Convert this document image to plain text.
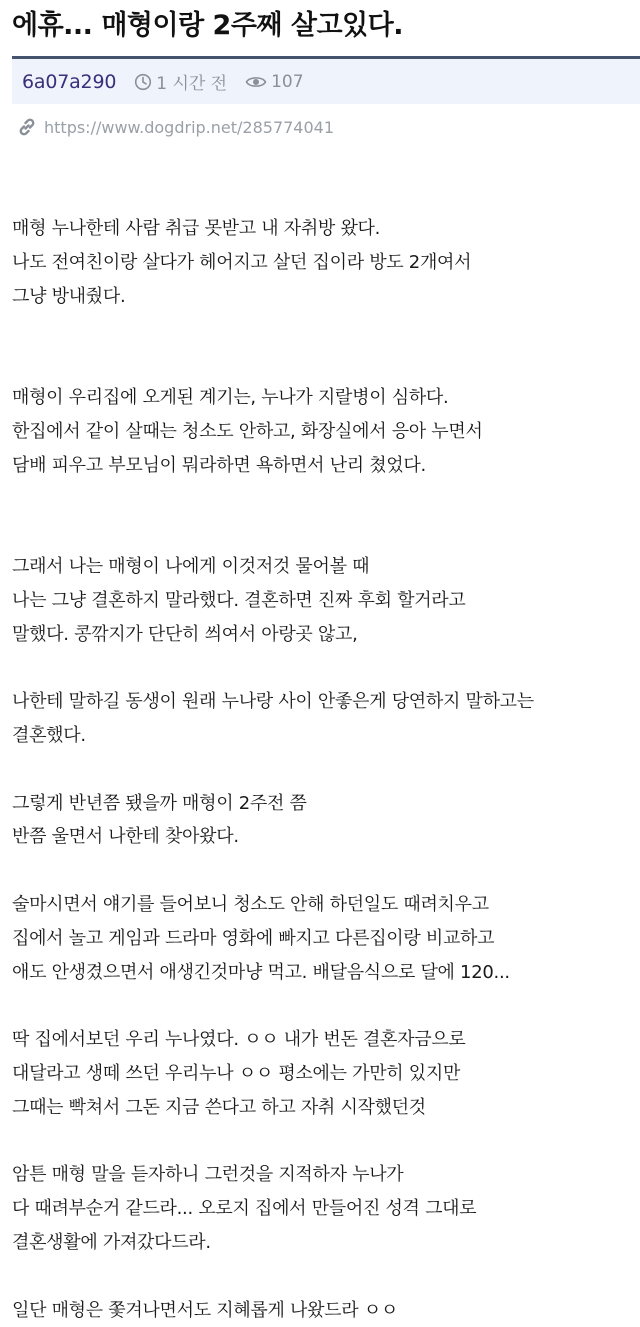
에휴... 매형이랑 2주째 살고있다.
6a07a290 1 시간 전	107
https://www.dogdrip.net/285774041
매형 누나한테 사람 취급 못받고 내 자취방 왔다.
나도 전여친이랑 살다가 헤어지고 살던 집이라 방도 2개여서
그냥 방내줬다.
매형이 우리집에 오게된 계기는, 누나가 지랄병이 심하다.
한집에서 같이 살때는 청소도 안하고, 화장실에서 응아 누면서
담배 피우고 부모님이 뭐라하면 욕하면서 난리 쳤었다.
그래서 나는 매형이 나에게 이것저것 물어볼 때
나는 그냥 결혼하지 말라했다. 결혼하면 진짜 후회 할거라고
말했다. 콩깎지가 단단히 씌여서 아랑곳 않고,
나한테 말하길 동생이 원래 누나랑 사이 안좋은게 당연하지 말하고는
결혼했다.
그렇게 반년쯤 됐을까 매형이 2주전 쯤
반쯤 울면서 나한테 찾아왔다.
술마시면서 얘기를 들어보니 청소도 안해 하던일도 때려치우고
집에서 놀고 게임과 드라마 영화에 빠지고 다른집이랑 비교하고
애도 안생겼으면서 애생긴것마냥 먹고. 배달음식으로 달에 120...
딱 집에서보던 우리 누나였다. ㅇㅇ 내가 번돈 결혼자금으로
대달라고 생떼 쓰던 우리누나 ㅇㅇ 평소에는 가만히 있지만
그때는 빡쳐서 그돈 지금 쓴다고 하고 자취 시작했던것
암튼 매형 말을 듣자하니 그런것을 지적하자 누나가
다 때려부순거 같드라... 오로지 집에서 만들어진 성격 그대로
결혼생활에 가져갔다드라.
일단 매형은 쫓겨나면서도 지혜롭게 나왔드라 ㅇㅇ
